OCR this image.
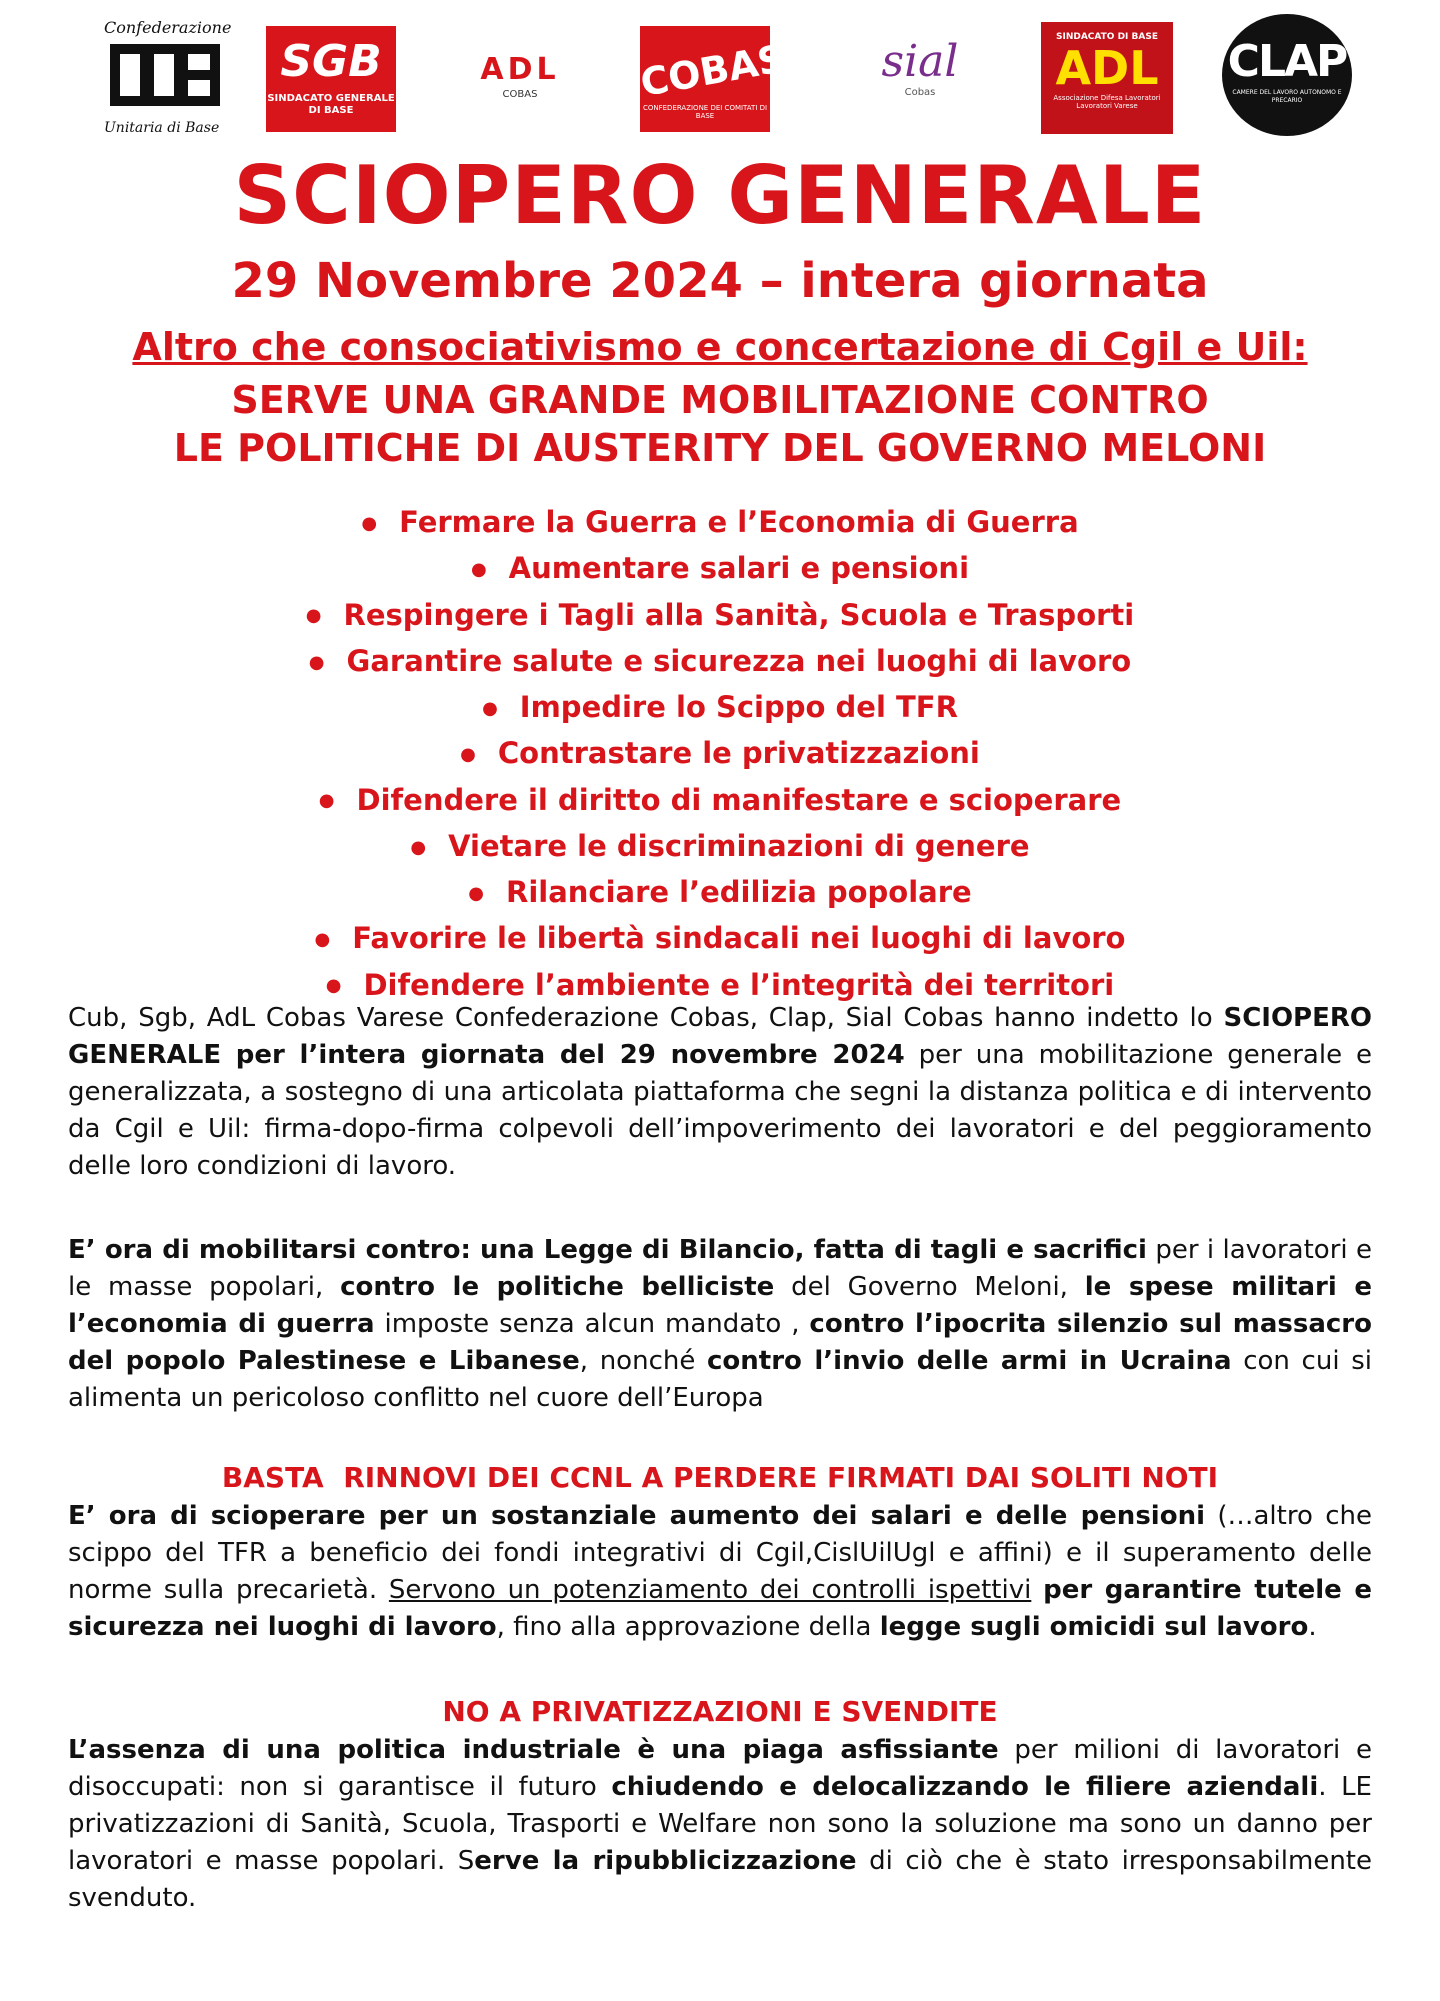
Confederazione
Unitaria di Base
SGB
SINDACATO GENERALE DI BASE
ADL
COBAS	COBAS
CONFEDERAZIONE DEI COMITATI DI BASE
sial
Cobas
SINDACATO DI BASE
ADL
Associazione Difesa Lavoratori Lavoratori Varese
CLAP
CAMERE DEL LAVORO AUTONOMO E PRECARIO
SCIOPERO GENERALE
29 Novembre 2024 – intera giornata
Altro che consociativismo e concertazione di Cgil e Uil:
SERVE UNA GRANDE MOBILITAZIONE CONTRO
LE POLITICHE DI AUSTERITY DEL GOVERNO MELONI
● Fermare la Guerra e l’Economia di Guerra
● Aumentare salari e pensioni
● Respingere i Tagli alla Sanità, Scuola e Trasporti
● Garantire salute e sicurezza nei luoghi di lavoro
● Impedire lo Scippo del TFR
● Contrastare le privatizzazioni
● Difendere il diritto di manifestare e scioperare
● Vietare le discriminazioni di genere
● Rilanciare l’edilizia popolare
● Favorire le libertà sindacali nei luoghi di lavoro
● Difendere l’ambiente e l’integrità dei territori

Cub, Sgb, AdL Cobas Varese Confederazione Cobas, Clap, Sial Cobas hanno indetto lo SCIOPERO GENERALE per l’intera giornata del 29 novembre 2024 per una mobilitazione generale e generalizzata, a sostegno di una articolata piattaforma che segni la distanza politica e di intervento da Cgil e Uil: firma-dopo-firma colpevoli dell’impoverimento dei lavoratori e del peggioramento delle loro condizioni di lavoro.

E’ ora di mobilitarsi contro: una Legge di Bilancio, fatta di tagli e sacrifici per i lavoratori e le masse popolari, contro le politiche belliciste del Governo Meloni, le spese militari e l’economia di guerra imposte senza alcun mandato , contro l’ipocrita silenzio sul massacro del popolo Palestinese e Libanese, nonché contro l’invio delle armi in Ucraina con cui si alimenta un pericoloso conflitto nel cuore dell’Europa

BASTA  RINNOVI DEI CCNL A PERDERE FIRMATI DAI SOLITI NOTI

E’ ora di scioperare per un sostanziale aumento dei salari e delle pensioni (…altro che scippo del TFR a beneficio dei fondi integrativi di Cgil,CislUilUgl e affini) e il superamento delle norme sulla precarietà. Servono un potenziamento dei controlli ispettivi per garantire tutele e sicurezza nei luoghi di lavoro, fino alla approvazione della legge sugli omicidi sul lavoro.

NO A PRIVATIZZAZIONI E SVENDITE

L’assenza di una politica industriale è una piaga asfissiante per milioni di lavoratori e disoccupati: non si garantisce il futuro chiudendo e delocalizzando le filiere aziendali. LE privatizzazioni di Sanità, Scuola, Trasporti e Welfare non sono la soluzione ma sono un danno per lavoratori e masse popolari. Serve la ripubblicizzazione di ciò che è stato irresponsabilmente svenduto.
